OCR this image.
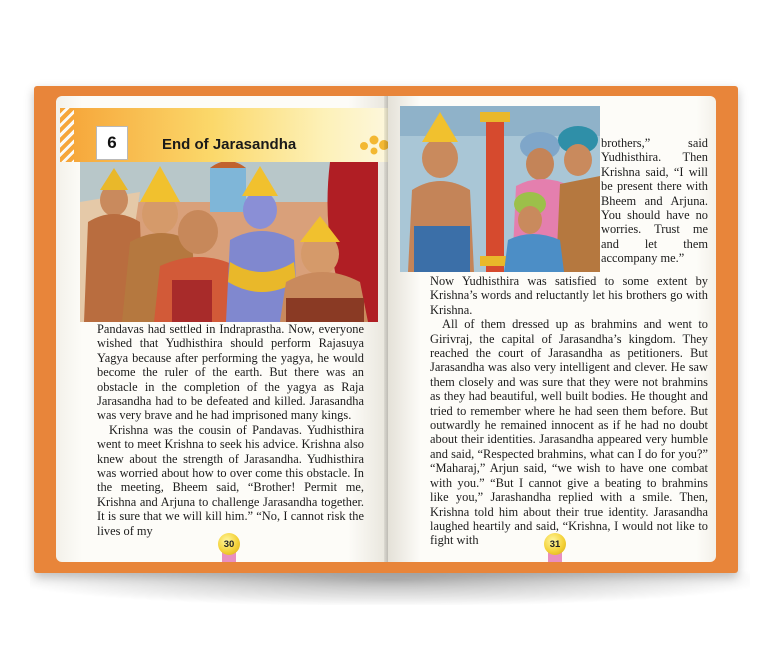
6	End of Jarasandha

Pandavas had settled in Indraprastha. Now, everyone wished that Yudhisthira should perform Rajasuya Yagya because after performing the yagya, he would become the ruler of the earth. But there was an obstacle in the completion of the yagya as Raja Jarasandha had to be defeated and killed. Jarasandha was very brave and he had imprisoned many kings.

Krishna was the cousin of Pandavas. Yudhisthira went to meet Krishna to seek his advice. Krishna also knew about the strength of Jarasandha. Yudhisthira was worried about how to over come this obstacle. In the meeting, Bheem said, “Brother! Permit me, Krishna and Arjuna to challenge Jarasandha together. It is sure that we will kill him.” “No, I cannot risk the lives of my

30

brothers,” said Yudhisthira. Then Krishna said, “I will be present there with Bheem and Arjuna. You should have no worries. Trust me and let them accompany me.”

Now Yudhisthira was satisfied to some extent by Krishna’s words and reluctantly let his brothers go with Krishna.

All of them dressed up as brahmins and went to Girivraj, the capital of Jarasandha’s kingdom. They reached the court of Jarasandha as petitioners. But Jarasandha was also very intelligent and clever. He saw them closely and was sure that they were not brahmins as they had beautiful, well built bodies. He thought and tried to remember where he had seen them before. But outwardly he remained innocent as if he had no doubt about their identities. Jarasandha appeared very humble and said, “Respected brahmins, what can I do for you?” “Maharaj,” Arjun said, “we wish to have one combat with you.” “But I cannot give a beating to brahmins like you,” Jarashandha replied with a smile. Then, Krishna told him about their true identity. Jarasandha laughed heartily and said, “Krishna, I would not like to fight with	31
